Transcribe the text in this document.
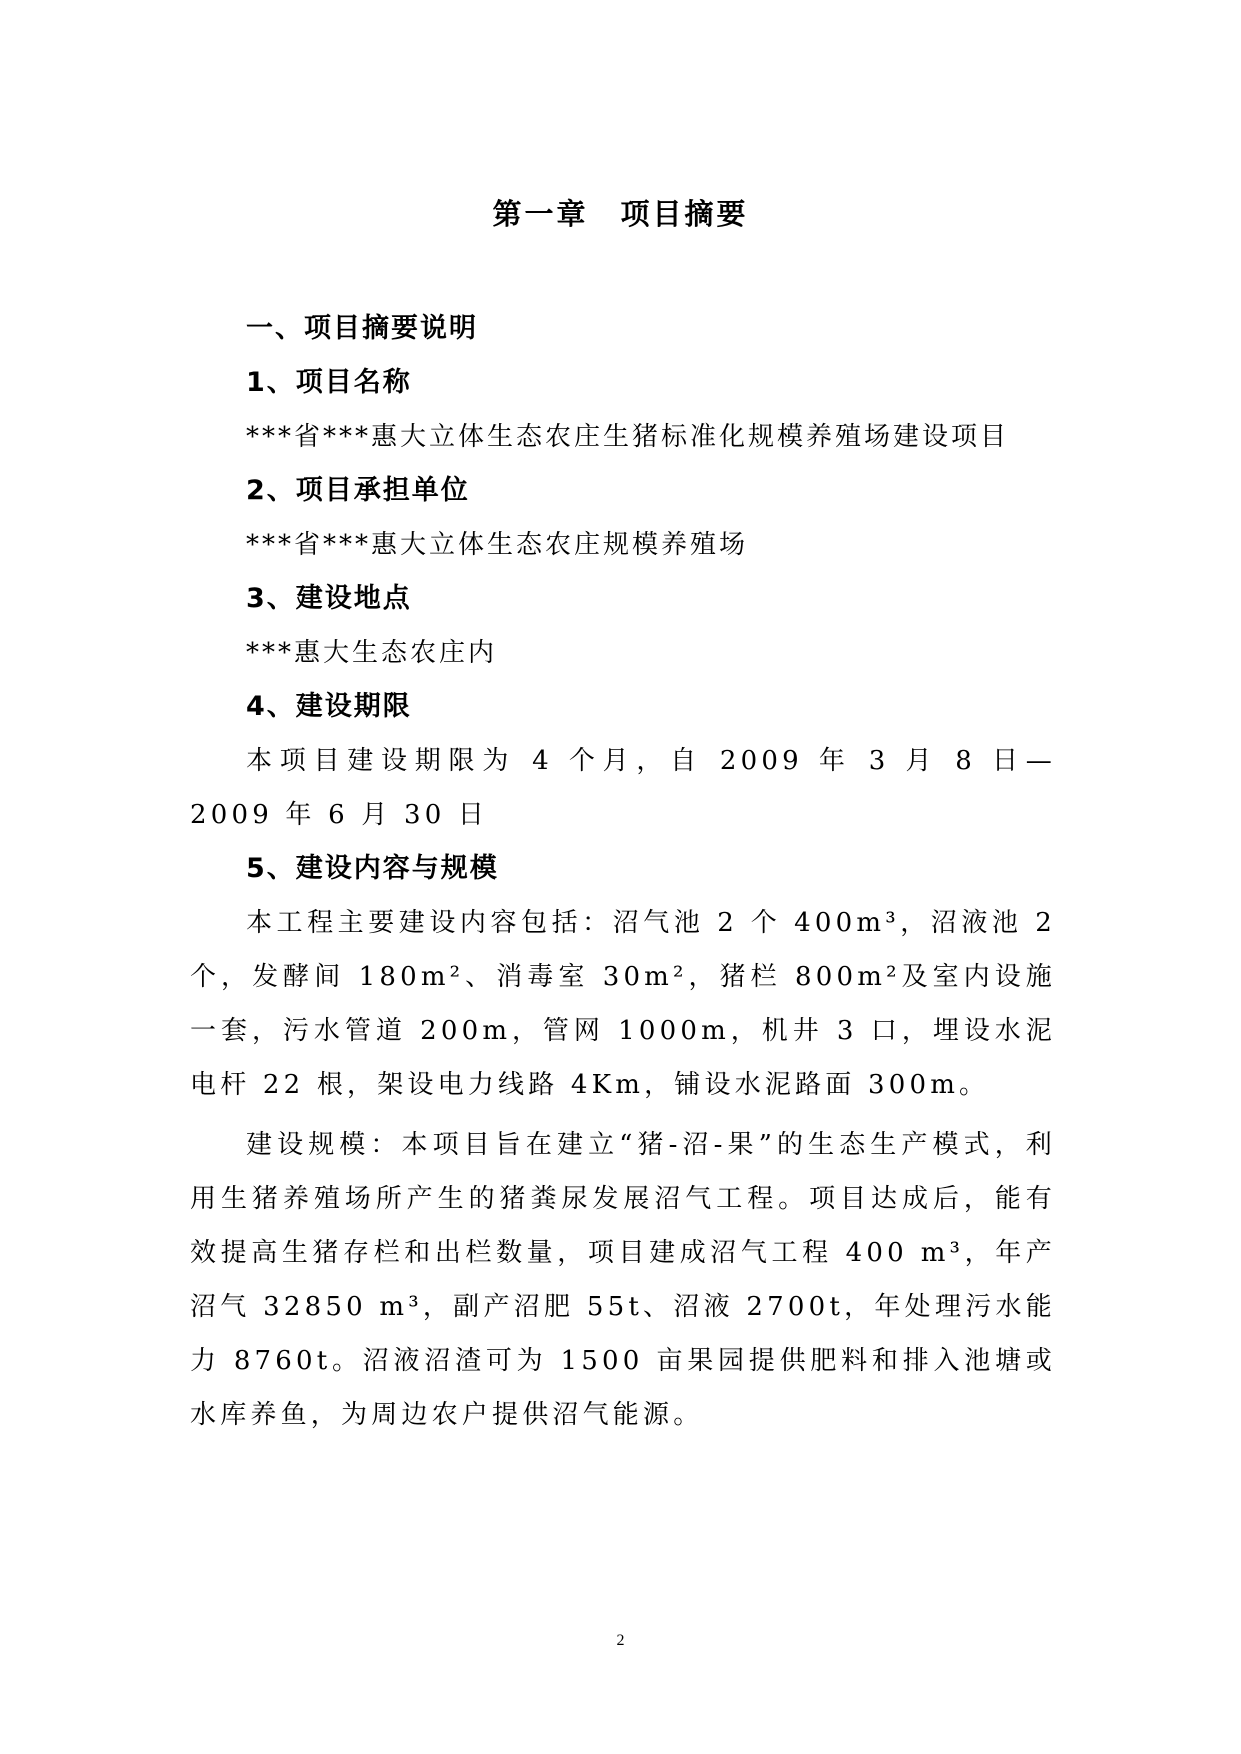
第一章　项目摘要
一、项目摘要说明
1、项目名称
***省***惠大立体生态农庄生猪标准化规模养殖场建设项目
2、项目承担单位
***省***惠大立体生态农庄规模养殖场
3、建设地点
***惠大生态农庄内
4、建设期限

本项目建设期限为 4 个月，自 2009 年 3 月 8 日—2009 年 6 月 30 日

5、建设内容与规模

本工程主要建设内容包括：沼气池 2 个 400m³，沼液池 2 个，发酵间 180m²、消毒室 30m²，猪栏 800m²及室内设施一套，污水管道 200m，管网 1000m，机井 3 口，埋设水泥电杆 22 根，架设电力线路 4Km，铺设水泥路面 300m。

建设规模：本项目旨在建立“猪-沼-果”的生态生产模式，利用生猪养殖场所产生的猪粪尿发展沼气工程。项目达成后，能有效提高生猪存栏和出栏数量，项目建成沼气工程 400 m³，年产沼气 32850 m³，副产沼肥 55t、沼液 2700t，年处理污水能力 8760t。沼液沼渣可为 1500 亩果园提供肥料和排入池塘或水库养鱼，为周边农户提供沼气能源。

2
